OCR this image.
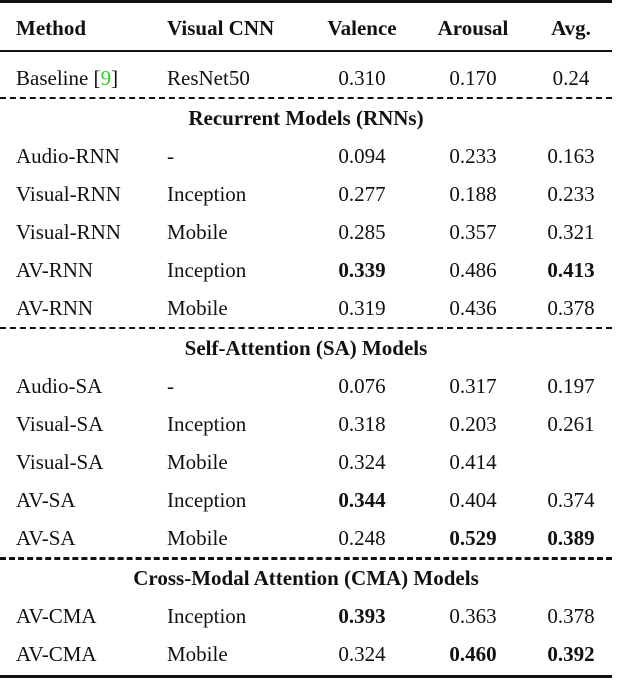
Method	Visual CNN	Valence	Arousal	Avg.
Baseline [9] ResNet50	0.310	0.170	0.24
Recurrent Models (RNNs)
Audio-RNN -	0.094	0.233	0.163
Visual-RNN Inception	0.277	0.188	0.233
Visual-RNN Mobile	0.285	0.357	0.321
AV-RNN	Inception	0.339	0.486	0.413
AV-RNN	Mobile	0.319	0.436	0.378
Self-Attention (SA) Models
Audio-SA	-	0.076	0.317	0.197
Visual-SA	Inception	0.318	0.203	0.261
Visual-SA	Mobile	0.324	0.414
AV-SA	Inception	0.344	0.404	0.374
AV-SA	Mobile	0.248	0.529	0.389
Cross-Modal Attention (CMA) Models
AV-CMA	Inception	0.393	0.363	0.378
AV-CMA	Mobile	0.324	0.460	0.392
